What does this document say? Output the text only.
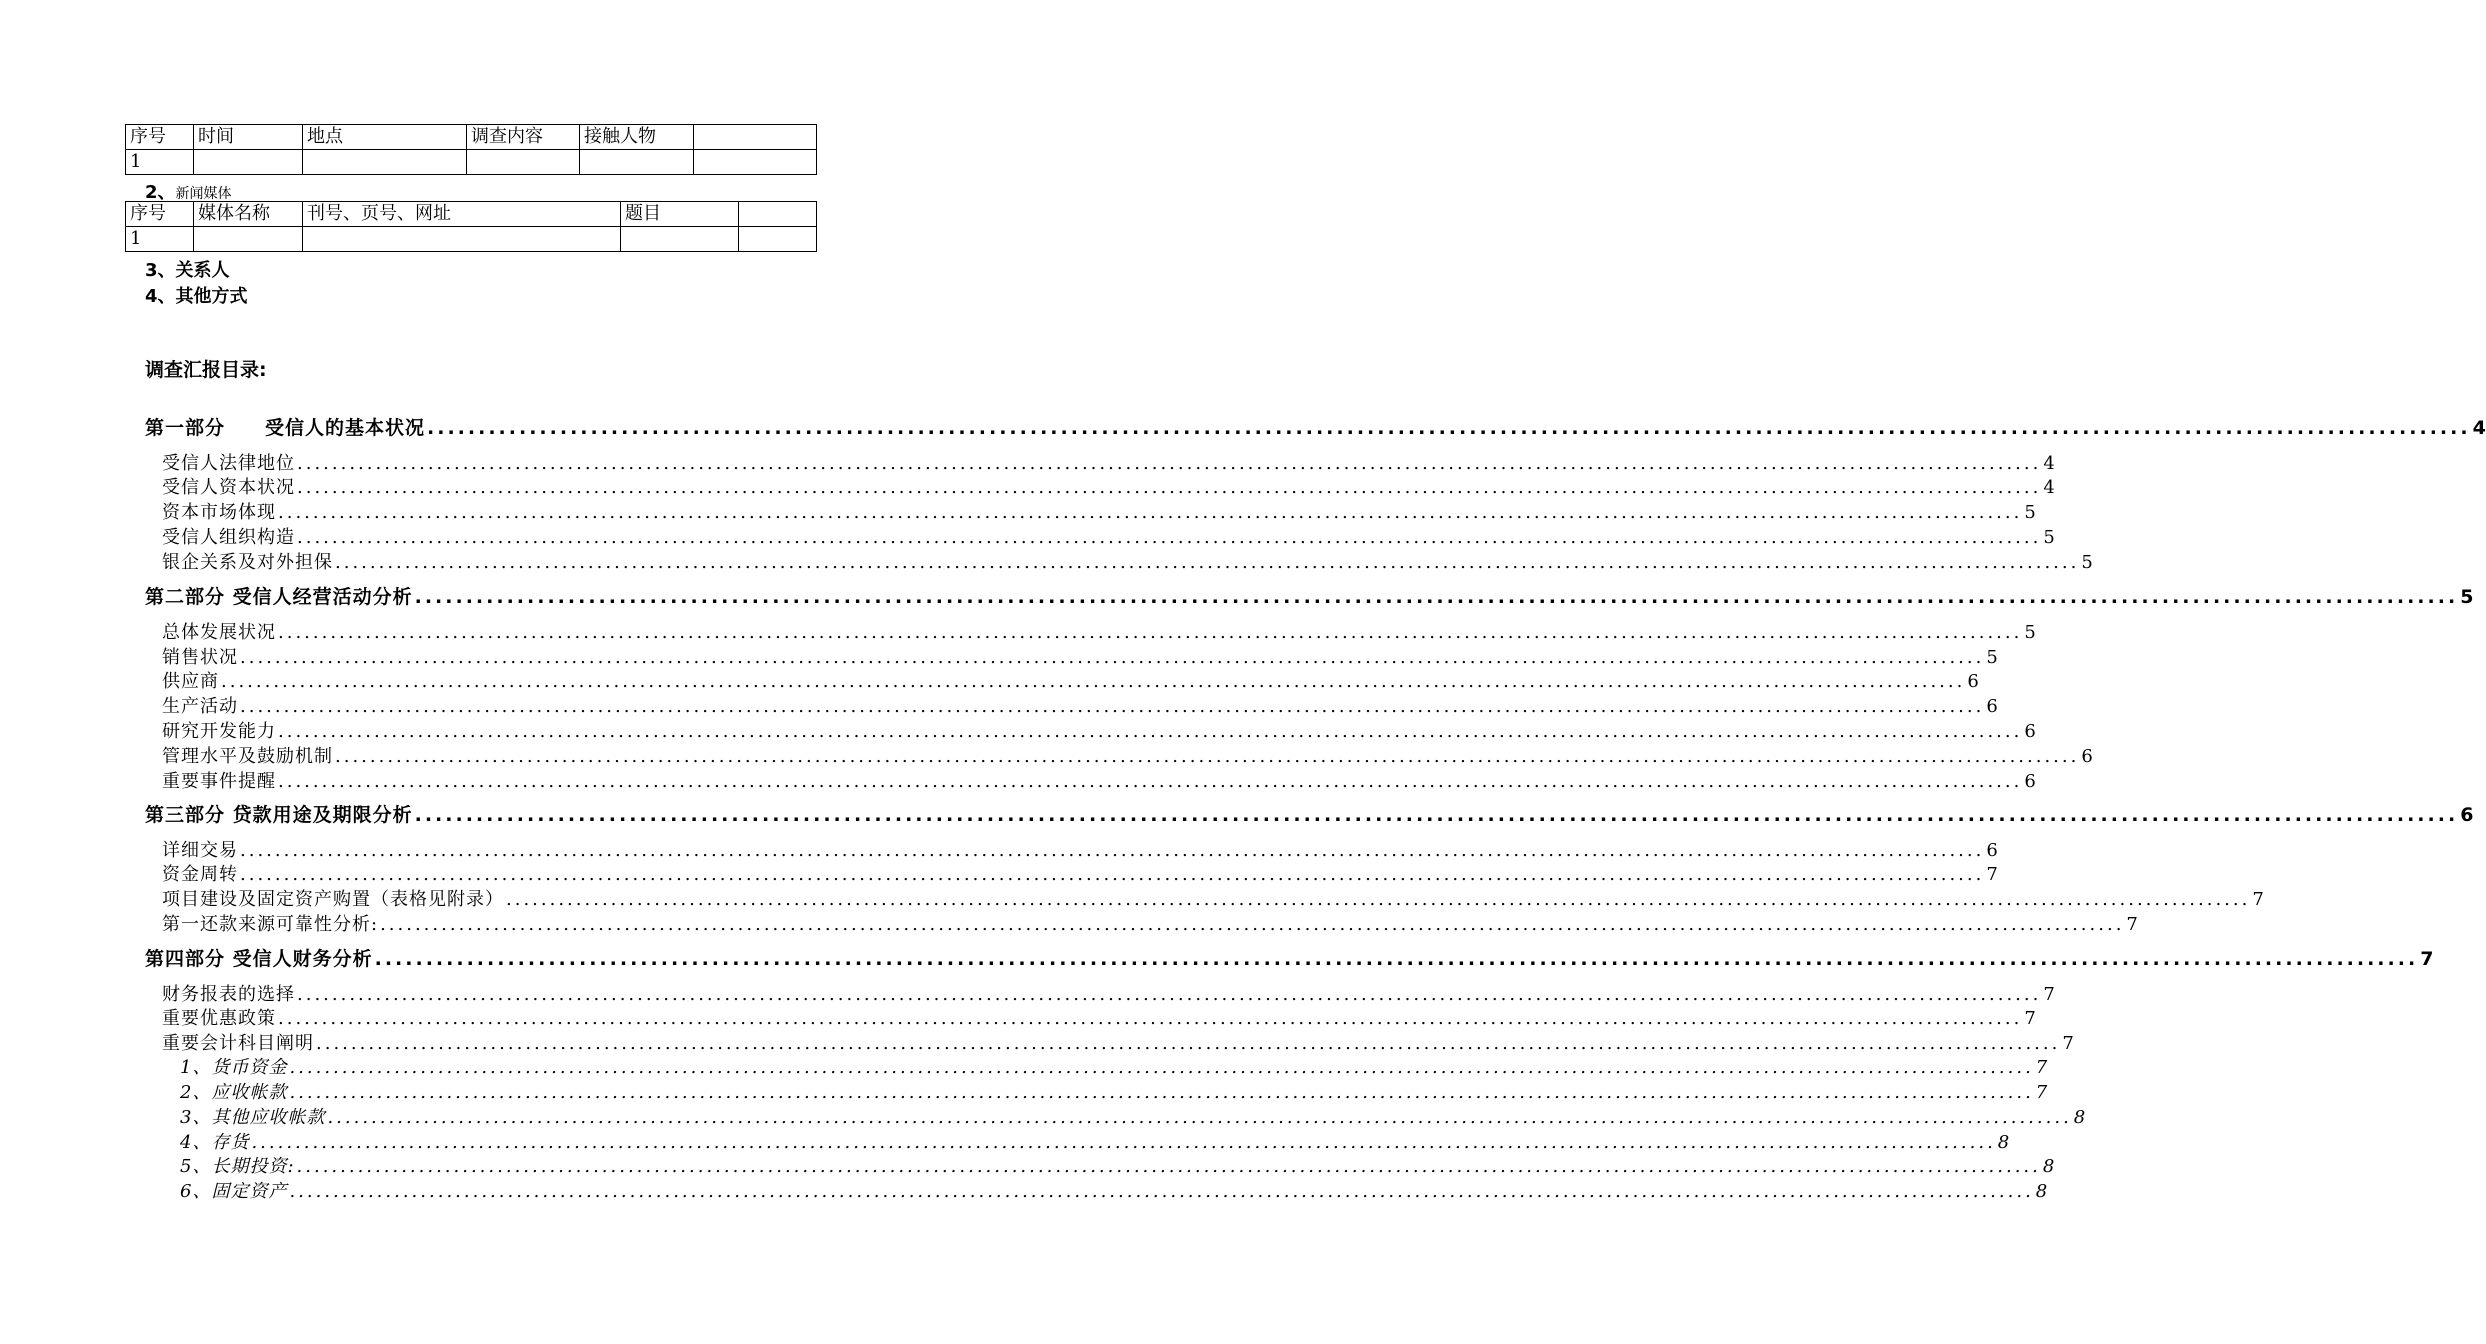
序号	时间	地点	调查内容	接触人物	
1					
2、新闻媒体
序号	媒体名称	刊号、页号、网址	题目	
1				
3、关系人
4、其他方式
调查汇报目录:
第一部分　　受信人的基本状况 ........................................................................................................................................................................................................ 4
受信人法律地位 ........................................................................................................................................................................................................ 4
受信人资本状况 ........................................................................................................................................................................................................ 4
资本市场体现 ........................................................................................................................................................................................................ 5
受信人组织构造 ........................................................................................................................................................................................................ 5
银企关系及对外担保 ........................................................................................................................................................................................................ 5
第二部分 受信人经营活动分析 ........................................................................................................................................................................................................ 5
总体发展状况 ........................................................................................................................................................................................................ 5
销售状况 ........................................................................................................................................................................................................ 5
供应商 ........................................................................................................................................................................................................ 6
生产活动 ........................................................................................................................................................................................................ 6
研究开发能力 ........................................................................................................................................................................................................ 6
管理水平及鼓励机制 ........................................................................................................................................................................................................ 6
重要事件提醒 ........................................................................................................................................................................................................ 6
第三部分 贷款用途及期限分析 ........................................................................................................................................................................................................ 6
详细交易 ........................................................................................................................................................................................................ 6
资金周转 ........................................................................................................................................................................................................ 7
项目建设及固定资产购置（表格见附录） ........................................................................................................................................................................................................ 7
第一还款来源可靠性分析: ........................................................................................................................................................................................................ 7
第四部分 受信人财务分析 ........................................................................................................................................................................................................ 7
财务报表的选择 ........................................................................................................................................................................................................ 7
重要优惠政策 ........................................................................................................................................................................................................ 7
重要会计科目阐明 ........................................................................................................................................................................................................ 7
1、货币资金 ........................................................................................................................................................................................................ 7
2、应收帐款 ........................................................................................................................................................................................................ 7
3、其他应收帐款 ........................................................................................................................................................................................................ 8
4、存货 ........................................................................................................................................................................................................ 8
5、长期投资: ........................................................................................................................................................................................................ 8
6、固定资产 ........................................................................................................................................................................................................ 8
